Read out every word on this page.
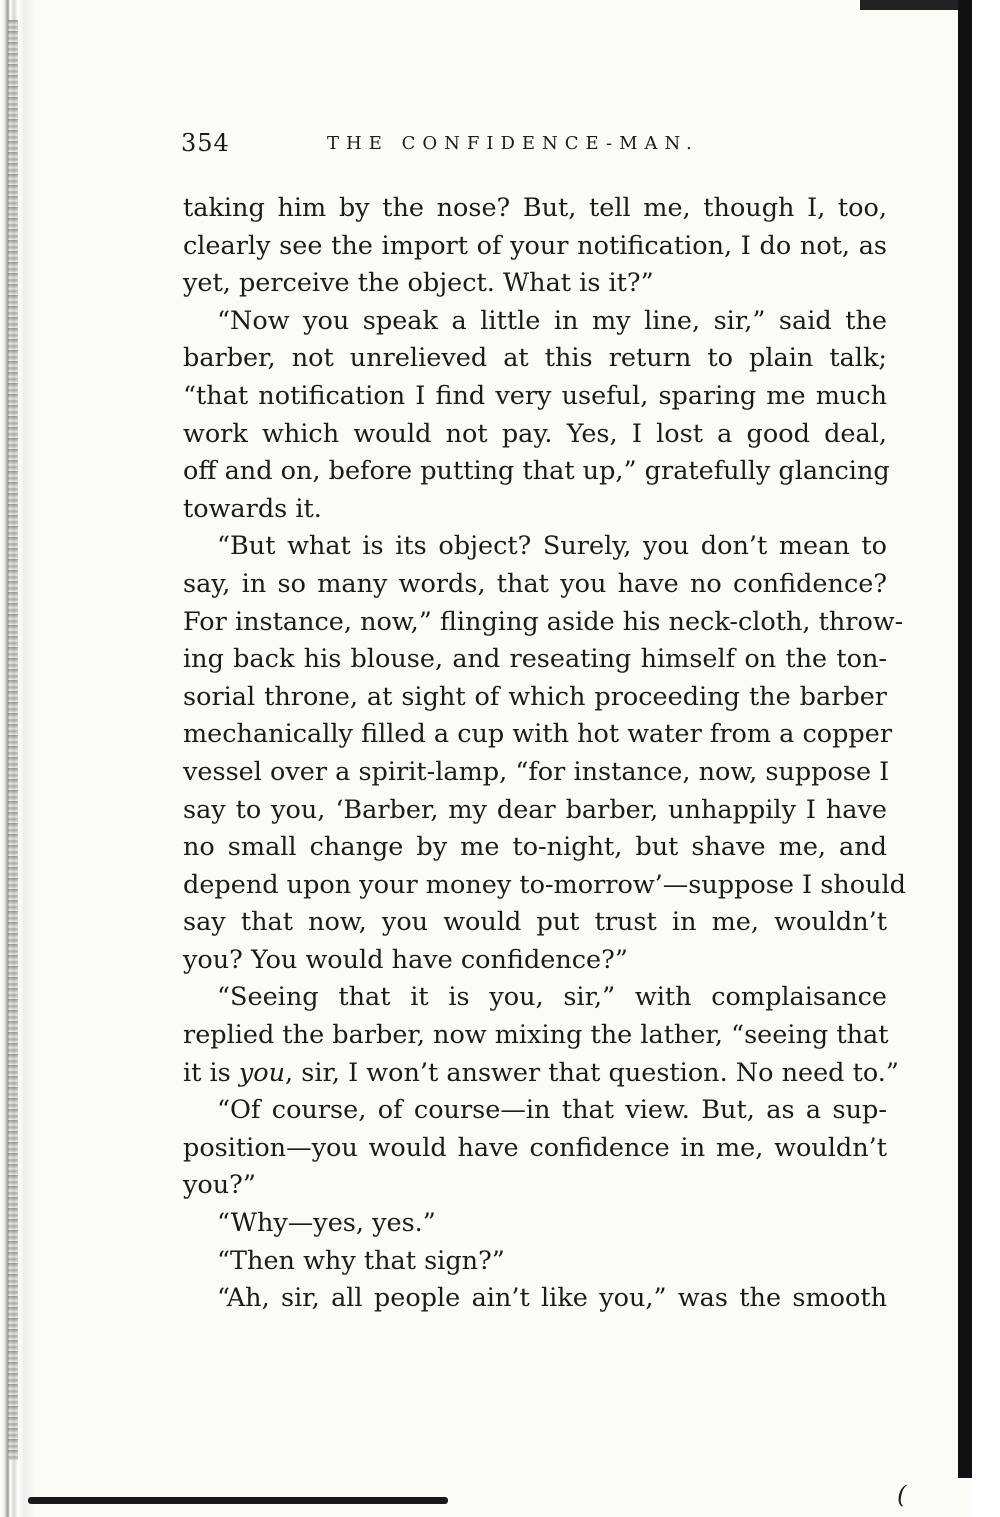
354	THE CONFIDENCE-MAN.
taking him by the nose? But, tell me, though I, too,
clearly see the import of your notification, I do not, as
yet, perceive the object. What is it?”
“Now you speak a little in my line, sir,” said the
barber, not unrelieved at this return to plain talk;
“that notification I find very useful, sparing me much
work which would not pay. Yes, I lost a good deal,
off and on, before putting that up,” gratefully glancing
towards it.
“But what is its object? Surely, you don’t mean to
say, in so many words, that you have no confidence?
For instance, now,” flinging aside his neck-cloth, throw-
ing back his blouse, and reseating himself on the ton-
sorial throne, at sight of which proceeding the barber
mechanically filled a cup with hot water from a copper
vessel over a spirit-lamp, “for instance, now, suppose I
say to you, ‘Barber, my dear barber, unhappily I have
no small change by me to-night, but shave me, and
depend upon your money to-morrow’—suppose I should
say that now, you would put trust in me, wouldn’t
you? You would have confidence?”
“Seeing that it is you, sir,” with complaisance
replied the barber, now mixing the lather, “seeing that
it is you, sir, I won’t answer that question. No need to.”
“Of course, of course—in that view. But, as a sup-
position—you would have confidence in me, wouldn’t
you?”
“Why—yes, yes.”
“Then why that sign?”
“Ah, sir, all people ain’t like you,” was the smooth
(
